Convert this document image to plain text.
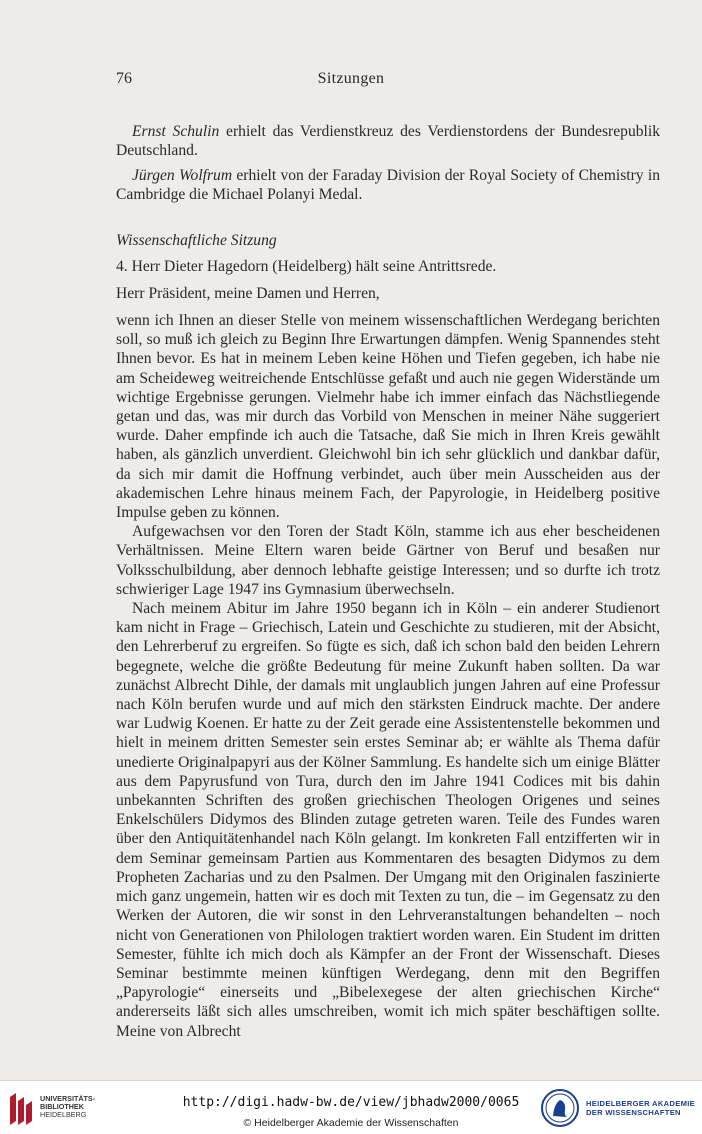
76	Sitzungen

Ernst Schulin erhielt das Verdienstkreuz des Verdienstordens der Bundesrepublik Deutschland.

Jürgen Wolfrum erhielt von der Faraday Division der Royal Society of Chemistry in Cambridge die Michael Polanyi Medal.

Wissenschaftliche Sitzung

4. Herr Dieter Hagedorn (Heidelberg) hält seine Antrittsrede.

Herr Präsident, meine Damen und Herren,

wenn ich Ihnen an dieser Stelle von meinem wissenschaftlichen Werdegang berichten soll, so muß ich gleich zu Beginn Ihre Erwartungen dämpfen. Wenig Spannendes steht Ihnen bevor. Es hat in meinem Leben keine Höhen und Tiefen gegeben, ich habe nie am Scheideweg weitreichende Entschlüsse gefaßt und auch nie gegen Widerstände um wichtige Ergebnisse gerungen. Vielmehr habe ich immer einfach das Nächstliegende getan und das, was mir durch das Vorbild von Menschen in meiner Nähe suggeriert wurde. Daher empfinde ich auch die Tatsache, daß Sie mich in Ihren Kreis gewählt haben, als gänzlich unverdient. Gleichwohl bin ich sehr glücklich und dankbar dafür, da sich mir damit die Hoffnung verbindet, auch über mein Ausscheiden aus der akademischen Lehre hinaus meinem Fach, der Papyrologie, in Heidelberg positive Impulse geben zu können.

Aufgewachsen vor den Toren der Stadt Köln, stamme ich aus eher bescheidenen Verhältnissen. Meine Eltern waren beide Gärtner von Beruf und besaßen nur Volksschulbildung, aber dennoch lebhafte geistige Interessen; und so durfte ich trotz schwieriger Lage 1947 ins Gymnasium überwechseln.

Nach meinem Abitur im Jahre 1950 begann ich in Köln – ein anderer Studienort kam nicht in Frage – Griechisch, Latein und Geschichte zu studieren, mit der Absicht, den Lehrerberuf zu ergreifen. So fügte es sich, daß ich schon bald den beiden Lehrern begegnete, welche die größte Bedeutung für meine Zukunft haben sollten. Da war zunächst Albrecht Dihle, der damals mit unglaublich jungen Jahren auf eine Professur nach Köln berufen wurde und auf mich den stärksten Eindruck machte. Der andere war Ludwig Koenen. Er hatte zu der Zeit gerade eine Assistentenstelle bekommen und hielt in meinem dritten Semester sein erstes Seminar ab; er wählte als Thema dafür unedierte Originalpapyri aus der Kölner Sammlung. Es handelte sich um einige Blätter aus dem Papyrusfund von Tura, durch den im Jahre 1941 Codices mit bis dahin unbekannten Schriften des großen griechischen Theologen Origenes und seines Enkelschülers Didymos des Blinden zutage getreten waren. Teile des Fundes waren über den Antiquitätenhandel nach Köln gelangt. Im konkreten Fall entzifferten wir in dem Seminar gemeinsam Partien aus Kommentaren des besagten Didymos zu dem Propheten Zacharias und zu den Psalmen. Der Umgang mit den Originalen faszinierte mich ganz ungemein, hatten wir es doch mit Texten zu tun, die – im Gegensatz zu den Werken der Autoren, die wir sonst in den Lehrveranstaltungen behandelten – noch nicht von Generationen von Philologen traktiert worden waren. Ein Student im dritten Semester, fühlte ich mich doch als Kämpfer an der Front der Wissenschaft. Dieses Seminar bestimmte meinen künftigen Werdegang, denn mit den Begriffen „Papyrologie“ einerseits und „Bibelexegese der alten griechischen Kirche“ andererseits läßt sich alles umschreiben, womit ich mich später beschäftigen sollte. Meine von Albrecht

UNIVERSITÄTS-
BIBLIOTHEK
HEIDELBERG
http://digi.hadw-bw.de/view/jbhadw2000/0065
© Heidelberger Akademie der Wissenschaften
HEIDELBERGER AKADEMIE
DER WISSENSCHAFTEN
